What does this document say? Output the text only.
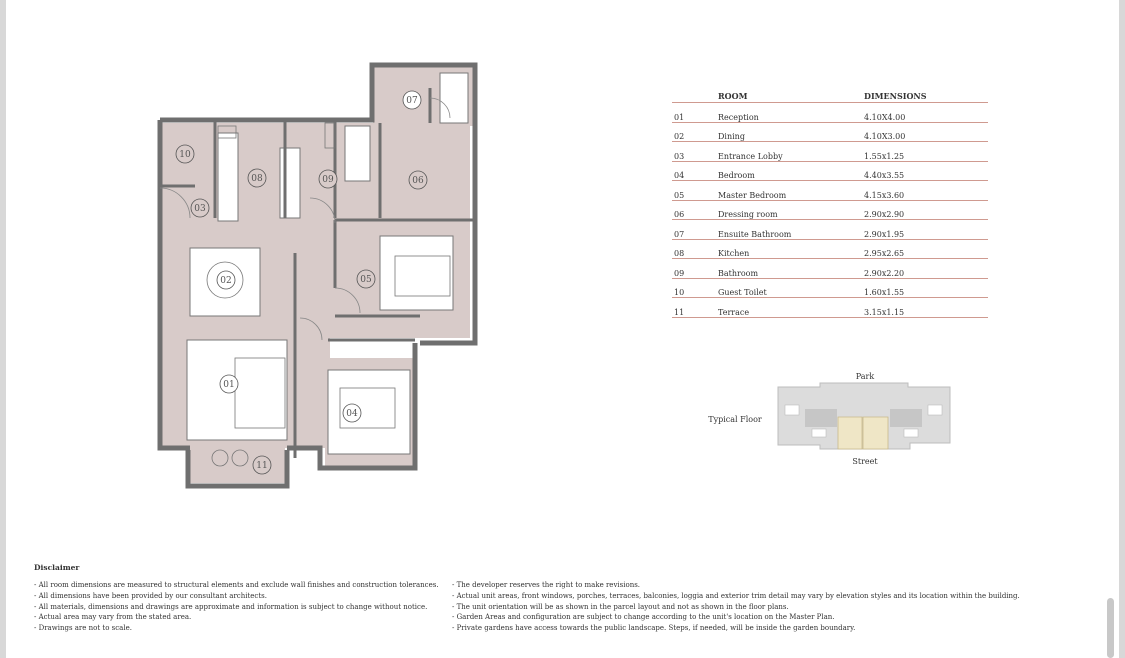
01
02
03
04
05
06
07
08	09
10
11
ROOM	DIMENSIONS
01	Reception	4.10X4.00
02	Dining	4.10X3.00
03	Entrance Lobby	1.55x1.25
04	Bedroom	4.40x3.55
05	Master Bedroom	4.15x3.60
06	Dressing room	2.90x2.90
07	Ensuite Bathroom	2.90x1.95
08	Kitchen	2.95x2.65
09	Bathroom	2.90x2.20
10	Guest Toilet	1.60x1.55
11	Terrace	3.15x1.15
Park
Typical Floor
Street
Disclaimer
- All room dimensions are measured to structural elements and exclude wall finishes and construction tolerances.
- All dimensions have been provided by our consultant architects.
- All materials, dimensions and drawings are approximate and information is subject to change without notice.
- Actual area may vary from the stated area.
- Drawings are not to scale.
- The developer reserves the right to make revisions.
- Actual unit areas, front windows, porches, terraces, balconies, loggia and exterior trim detail may vary by elevation styles and its location within the building.
- The unit orientation will be as shown in the parcel layout and not as shown in the floor plans.
- Garden Areas and configuration are subject to change according to the unit's location on the Master Plan.
- Private gardens have access towards the public landscape. Steps, if needed, will be inside the garden boundary.
